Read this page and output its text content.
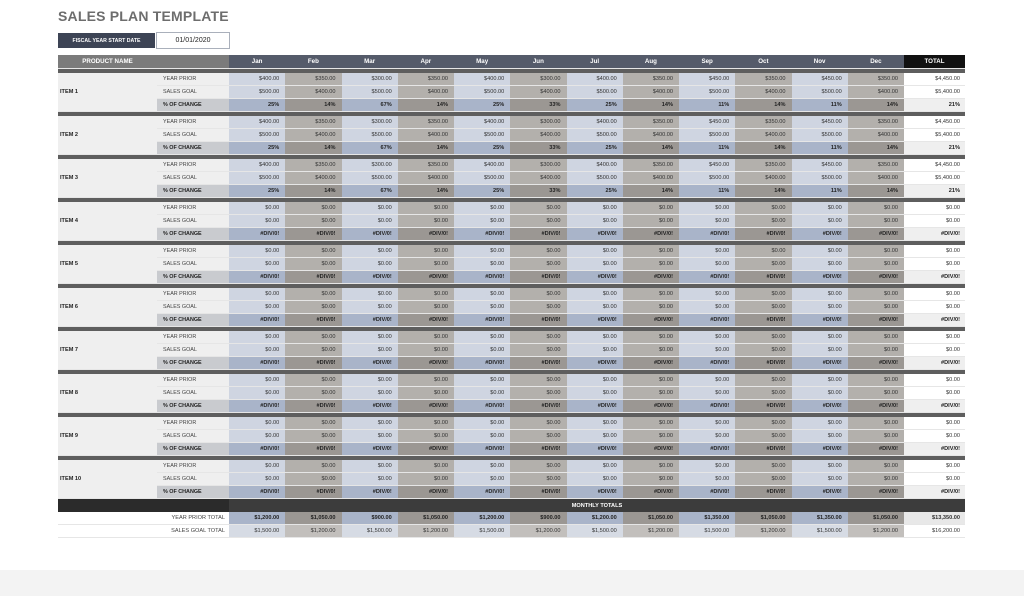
SALES PLAN TEMPLATE
FISCAL YEAR START DATE	01/01/2020
PRODUCT NAME		Jan	Feb	Mar	Apr	May	Jun	Jul	Aug	Sep	Oct	Nov	Dec	TOTAL

ITEM 1	YEAR PRIOR	$400.00	$350.00	$300.00	$350.00	$400.00	$300.00	$400.00	$350.00	$450.00	$350.00	$450.00	$350.00	$4,450.00
	SALES GOAL	$500.00	$400.00	$500.00	$400.00	$500.00	$400.00	$500.00	$400.00	$500.00	$400.00	$500.00	$400.00	$5,400.00
	% OF CHANGE	25%	14%	67%	14%	25%	33%	25%	14%	11%	14%	11%	14%	21%

ITEM 2	YEAR PRIOR	$400.00	$350.00	$300.00	$350.00	$400.00	$300.00	$400.00	$350.00	$450.00	$350.00	$450.00	$350.00	$4,450.00
	SALES GOAL	$500.00	$400.00	$500.00	$400.00	$500.00	$400.00	$500.00	$400.00	$500.00	$400.00	$500.00	$400.00	$5,400.00
	% OF CHANGE	25%	14%	67%	14%	25%	33%	25%	14%	11%	14%	11%	14%	21%

ITEM 3	YEAR PRIOR	$400.00	$350.00	$300.00	$350.00	$400.00	$300.00	$400.00	$350.00	$450.00	$350.00	$450.00	$350.00	$4,450.00
	SALES GOAL	$500.00	$400.00	$500.00	$400.00	$500.00	$400.00	$500.00	$400.00	$500.00	$400.00	$500.00	$400.00	$5,400.00
	% OF CHANGE	25%	14%	67%	14%	25%	33%	25%	14%	11%	14%	11%	14%	21%

ITEM 4	YEAR PRIOR	$0.00	$0.00	$0.00	$0.00	$0.00	$0.00	$0.00	$0.00	$0.00	$0.00	$0.00	$0.00	$0.00
	SALES GOAL	$0.00	$0.00	$0.00	$0.00	$0.00	$0.00	$0.00	$0.00	$0.00	$0.00	$0.00	$0.00	$0.00
	% OF CHANGE	#DIV/0!	#DIV/0!	#DIV/0!	#DIV/0!	#DIV/0!	#DIV/0!	#DIV/0!	#DIV/0!	#DIV/0!	#DIV/0!	#DIV/0!	#DIV/0!	#DIV/0!

ITEM 5	YEAR PRIOR	$0.00	$0.00	$0.00	$0.00	$0.00	$0.00	$0.00	$0.00	$0.00	$0.00	$0.00	$0.00	$0.00
	SALES GOAL	$0.00	$0.00	$0.00	$0.00	$0.00	$0.00	$0.00	$0.00	$0.00	$0.00	$0.00	$0.00	$0.00
	% OF CHANGE	#DIV/0!	#DIV/0!	#DIV/0!	#DIV/0!	#DIV/0!	#DIV/0!	#DIV/0!	#DIV/0!	#DIV/0!	#DIV/0!	#DIV/0!	#DIV/0!	#DIV/0!

ITEM 6	YEAR PRIOR	$0.00	$0.00	$0.00	$0.00	$0.00	$0.00	$0.00	$0.00	$0.00	$0.00	$0.00	$0.00	$0.00
	SALES GOAL	$0.00	$0.00	$0.00	$0.00	$0.00	$0.00	$0.00	$0.00	$0.00	$0.00	$0.00	$0.00	$0.00
	% OF CHANGE	#DIV/0!	#DIV/0!	#DIV/0!	#DIV/0!	#DIV/0!	#DIV/0!	#DIV/0!	#DIV/0!	#DIV/0!	#DIV/0!	#DIV/0!	#DIV/0!	#DIV/0!

ITEM 7	YEAR PRIOR	$0.00	$0.00	$0.00	$0.00	$0.00	$0.00	$0.00	$0.00	$0.00	$0.00	$0.00	$0.00	$0.00
	SALES GOAL	$0.00	$0.00	$0.00	$0.00	$0.00	$0.00	$0.00	$0.00	$0.00	$0.00	$0.00	$0.00	$0.00
	% OF CHANGE	#DIV/0!	#DIV/0!	#DIV/0!	#DIV/0!	#DIV/0!	#DIV/0!	#DIV/0!	#DIV/0!	#DIV/0!	#DIV/0!	#DIV/0!	#DIV/0!	#DIV/0!

ITEM 8	YEAR PRIOR	$0.00	$0.00	$0.00	$0.00	$0.00	$0.00	$0.00	$0.00	$0.00	$0.00	$0.00	$0.00	$0.00
	SALES GOAL	$0.00	$0.00	$0.00	$0.00	$0.00	$0.00	$0.00	$0.00	$0.00	$0.00	$0.00	$0.00	$0.00
	% OF CHANGE	#DIV/0!	#DIV/0!	#DIV/0!	#DIV/0!	#DIV/0!	#DIV/0!	#DIV/0!	#DIV/0!	#DIV/0!	#DIV/0!	#DIV/0!	#DIV/0!	#DIV/0!

ITEM 9	YEAR PRIOR	$0.00	$0.00	$0.00	$0.00	$0.00	$0.00	$0.00	$0.00	$0.00	$0.00	$0.00	$0.00	$0.00
	SALES GOAL	$0.00	$0.00	$0.00	$0.00	$0.00	$0.00	$0.00	$0.00	$0.00	$0.00	$0.00	$0.00	$0.00
	% OF CHANGE	#DIV/0!	#DIV/0!	#DIV/0!	#DIV/0!	#DIV/0!	#DIV/0!	#DIV/0!	#DIV/0!	#DIV/0!	#DIV/0!	#DIV/0!	#DIV/0!	#DIV/0!

ITEM 10	YEAR PRIOR	$0.00	$0.00	$0.00	$0.00	$0.00	$0.00	$0.00	$0.00	$0.00	$0.00	$0.00	$0.00	$0.00
	SALES GOAL	$0.00	$0.00	$0.00	$0.00	$0.00	$0.00	$0.00	$0.00	$0.00	$0.00	$0.00	$0.00	$0.00
	% OF CHANGE	#DIV/0!	#DIV/0!	#DIV/0!	#DIV/0!	#DIV/0!	#DIV/0!	#DIV/0!	#DIV/0!	#DIV/0!	#DIV/0!	#DIV/0!	#DIV/0!	#DIV/0!
		MONTHLY TOTALS												
YEAR PRIOR TOTAL		$1,200.00	$1,050.00	$900.00	$1,050.00	$1,200.00	$900.00	$1,200.00	$1,050.00	$1,350.00	$1,050.00	$1,350.00	$1,050.00	$13,350.00
SALES GOAL TOTAL		$1,500.00	$1,200.00	$1,500.00	$1,200.00	$1,500.00	$1,200.00	$1,500.00	$1,200.00	$1,500.00	$1,200.00	$1,500.00	$1,200.00	$16,200.00
